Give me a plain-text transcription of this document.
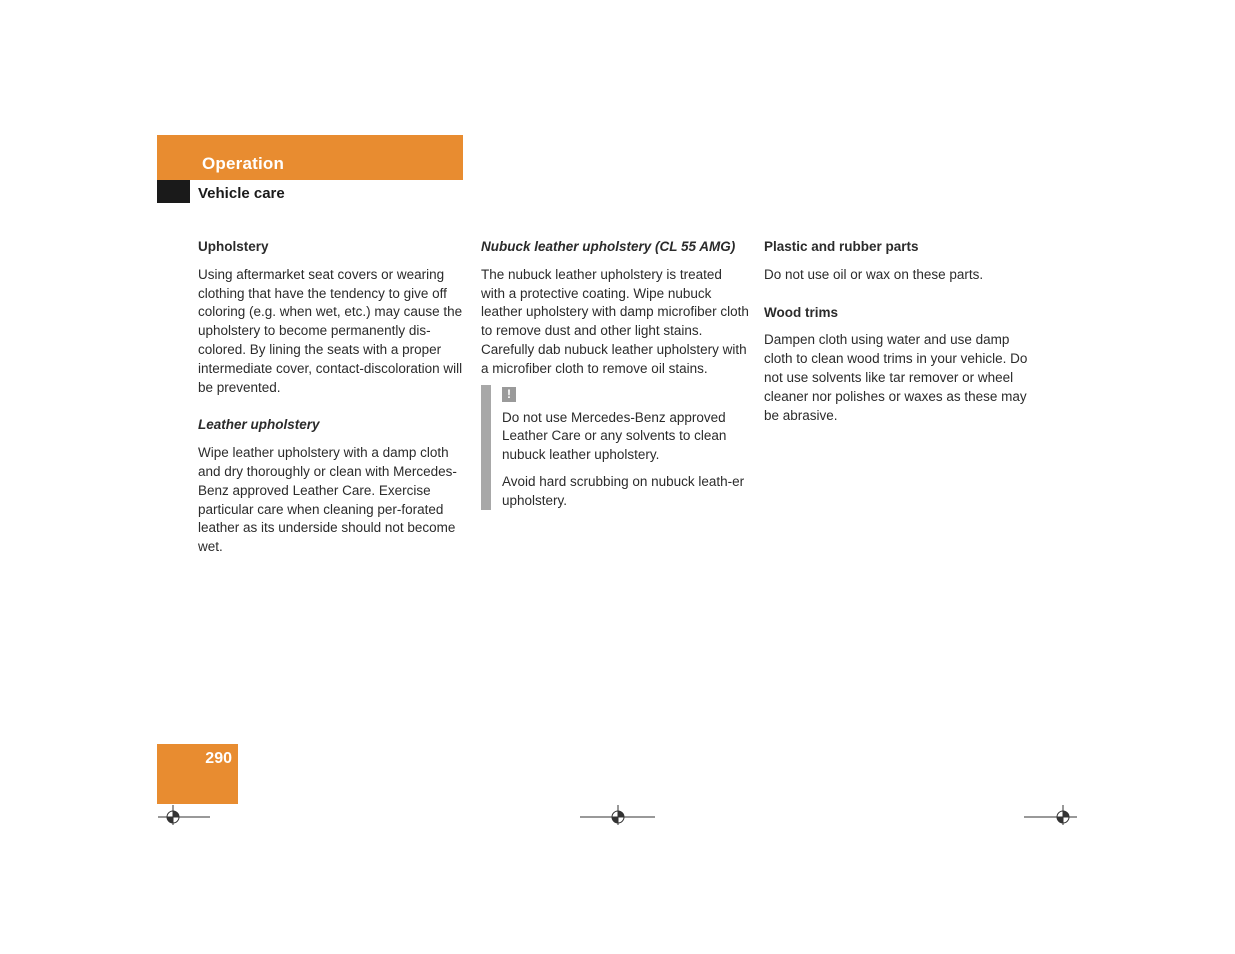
Operation
Vehicle care
Upholstery

Using aftermarket seat covers or wearing clothing that have the tendency to give off coloring (e.g. when wet, etc.) may cause the upholstery to become permanently dis-colored. By lining the seats with a proper intermediate cover, contact-discoloration will be prevented.

Leather upholstery

Wipe leather upholstery with a damp cloth and dry thoroughly or clean with Mercedes-Benz approved Leather Care. Exercise particular care when cleaning per-forated leather as its underside should not become wet.

Nubuck leather upholstery (CL 55 AMG)

The nubuck leather upholstery is treated with a protective coating. Wipe nubuck leather upholstery with damp microfiber cloth to remove dust and other light stains. Carefully dab nubuck leather upholstery with a microfiber cloth to remove oil stains.

!

Do not use Mercedes-Benz approved Leather Care or any solvents to clean nubuck leather upholstery.

Avoid hard scrubbing on nubuck leath-er upholstery.

Plastic and rubber parts

Do not use oil or wax on these parts.

Wood trims

Dampen cloth using water and use damp cloth to clean wood trims in your vehicle. Do not use solvents like tar remover or wheel cleaner nor polishes or waxes as these may be abrasive.

290
